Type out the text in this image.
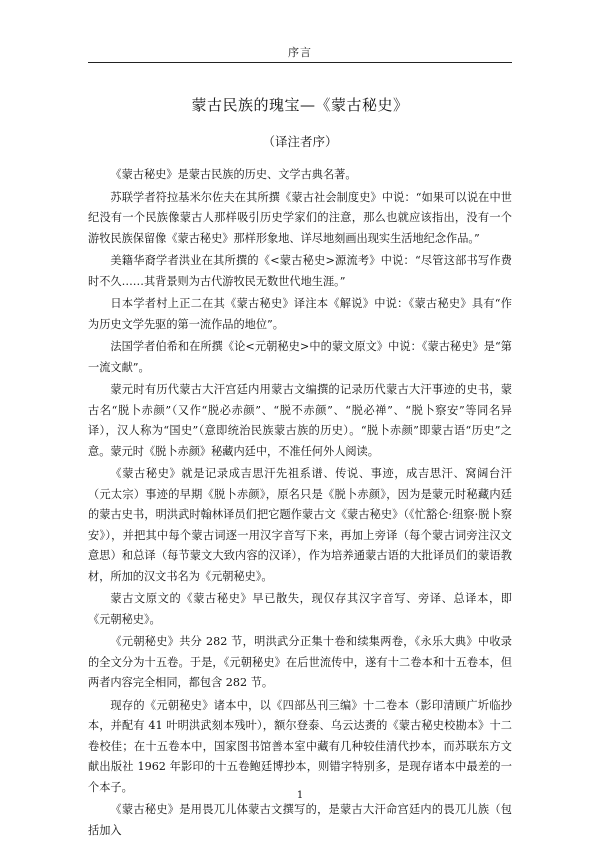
序言
蒙古民族的瑰宝—《蒙古秘史》
（译注者序）

《蒙古秘史》是蒙古民族的历史、文学古典名著。

苏联学者符拉基米尔佐夫在其所撰《蒙古社会制度史》中说：“如果可以说在中世纪没有一个民族像蒙古人那样吸引历史学家们的注意，那么也就应该指出，没有一个游牧民族保留像《蒙古秘史》那样形象地、详尽地刻画出现实生活地纪念作品。”

美籍华裔学者洪业在其所撰的《<蒙古秘史>源流考》中说：“尽管这部书写作费时不久……其背景则为古代游牧民无数世代地生涯。”

日本学者村上正二在其《蒙古秘史》译注本《解说》中说：《蒙古秘史》具有“作为历史文学先驱的第一流作品的地位”。

法国学者伯希和在所撰《论<元朝秘史>中的蒙文原文》中说：《蒙古秘史》是“第一流文献”。

蒙元时有历代蒙古大汗宫廷内用蒙古文编撰的记录历代蒙古大汗事迹的史书，蒙古名“脱卜赤颜”（又作“脱必赤颜”、“脱不赤颜”、“脱必禅”、“脱卜察安”等同名异译），汉人称为“国史”（意即统治民族蒙古族的历史）。“脱卜赤颜”即蒙古语“历史”之意。蒙元时《脱卜赤颜》秘藏内廷中，不准任何外人阅读。

《蒙古秘史》就是记录成吉思汗先祖系谱、传说、事迹，成吉思汗、窝阔台汗（元太宗）事迹的早期《脱卜赤颜》，原名只是《脱卜赤颜》，因为是蒙元时秘藏内廷的蒙古史书，明洪武时翰林译员们把它题作蒙古文《蒙古秘史》（《忙豁仑·纽察·脱卜察安》），并把其中每个蒙古词逐一用汉字音写下来，再加上旁译（每个蒙古词旁注汉文意思）和总译（每节蒙文大致内容的汉译），作为培养通蒙古语的大批译员们的蒙语教材，所加的汉文书名为《元朝秘史》。

蒙古文原文的《蒙古秘史》早已散失，现仅存其汉字音写、旁译、总译本，即《元朝秘史》。

《元朝秘史》共分 282 节，明洪武分正集十卷和续集两卷，《永乐大典》中收录的全文分为十五卷。于是，《元朝秘史》在后世流传中，遂有十二卷本和十五卷本，但两者内容完全相同，都包含 282 节。

现存的《元朝秘史》诸本中，以《四部丛刊三编》十二卷本（影印清顾广圻临抄本，并配有 41 叶明洪武刻本残叶），额尔登泰、乌云达赉的《蒙古秘史校勘本》十二卷校佳；在十五卷本中，国家图书馆善本室中藏有几种较佳清代抄本，而苏联东方文献出版社 1962 年影印的十五卷鲍廷博抄本，则错字特别多，是现存诸本中最差的一个本子。

《蒙古秘史》是用畏兀儿体蒙古文撰写的，是蒙古大汗命宫廷内的畏兀儿族（包括加入

1
